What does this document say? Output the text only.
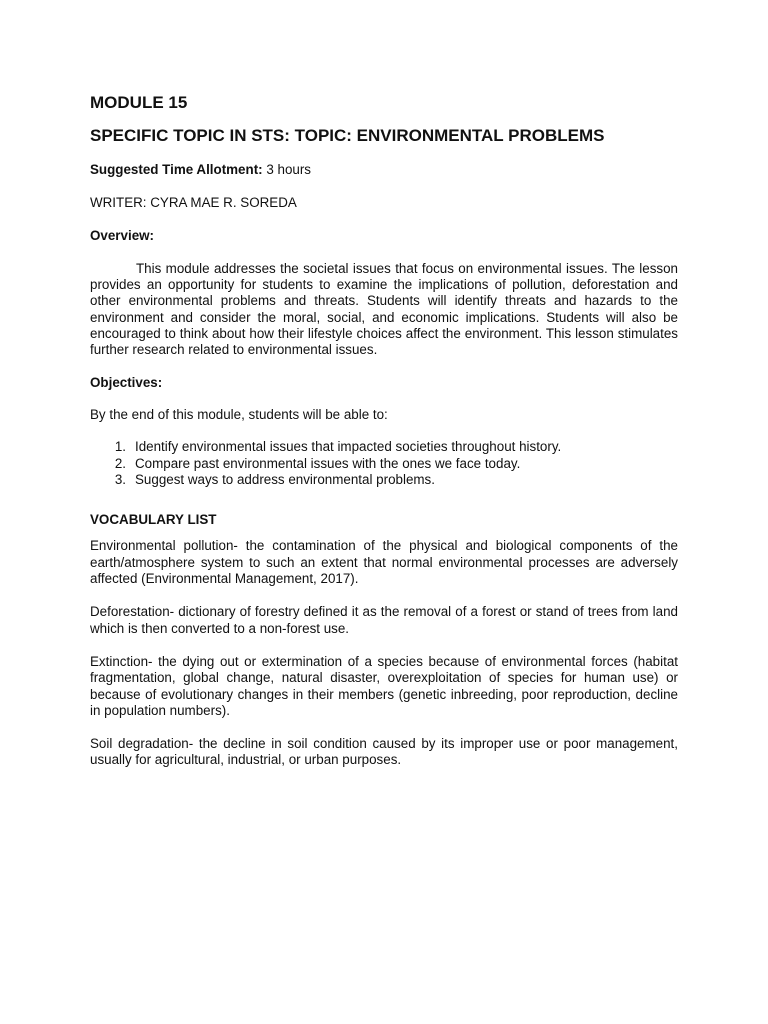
MODULE 15
SPECIFIC TOPIC IN STS: TOPIC: ENVIRONMENTAL PROBLEMS

Suggested Time Allotment: 3 hours

WRITER: CYRA MAE R. SOREDA

Overview:

This module addresses the societal issues that focus on environmental issues. The lesson provides an opportunity for students to examine the implications of pollution, deforestation and other environmental problems and threats. Students will identify threats and hazards to the environment and consider the moral, social, and economic implications. Students will also be encouraged to think about how their lifestyle choices affect the environment. This lesson stimulates further research related to environmental issues.

Objectives:

By the end of this module, students will be able to:

1. Identify environmental issues that impacted societies throughout history.
2. Compare past environmental issues with the ones we face today.
3. Suggest ways to address environmental problems.

VOCABULARY LIST

Environmental pollution- the contamination of the physical and biological components of the earth/atmosphere system to such an extent that normal environmental processes are adversely affected (Environmental Management, 2017).

Deforestation- dictionary of forestry defined it as the removal of a forest or stand of trees from land which is then converted to a non-forest use.

Extinction- the dying out or extermination of a species because of environmental forces (habitat fragmentation, global change, natural disaster, overexploitation of species for human use) or because of evolutionary changes in their members (genetic inbreeding, poor reproduction, decline in population numbers).

Soil degradation- the decline in soil condition caused by its improper use or poor management, usually for agricultural, industrial, or urban purposes.
